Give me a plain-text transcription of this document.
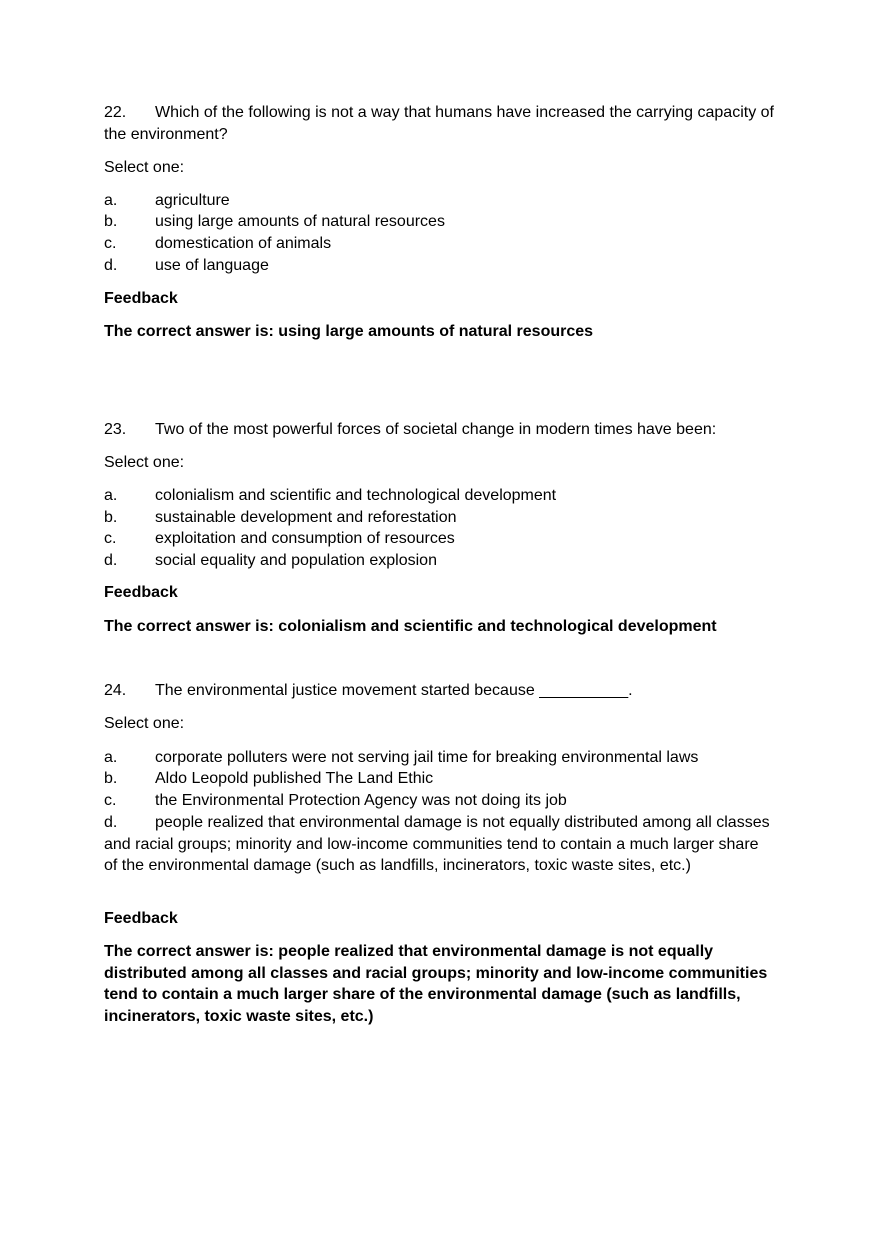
22. Which of the following is not a way that humans have increased the carrying capacity of the environment?
Select one:
a. agriculture
b. using large amounts of natural resources
c. domestication of animals
d. use of language
Feedback
The correct answer is: using large amounts of natural resources
23. Two of the most powerful forces of societal change in modern times have been:
Select one:
a. colonialism and scientific and technological development
b. sustainable development and reforestation
c. exploitation and consumption of resources
d. social equality and population explosion
Feedback
The correct answer is: colonialism and scientific and technological development
24. The environmental justice movement started because __________.
Select one:
a. corporate polluters were not serving jail time for breaking environmental laws
b. Aldo Leopold published The Land Ethic
c. the Environmental Protection Agency was not doing its job
d. people realized that environmental damage is not equally distributed among all classes and racial groups; minority and low-income communities tend to contain a much larger share of the environmental damage (such as landfills, incinerators, toxic waste sites, etc.)
Feedback
The correct answer is: people realized that environmental damage is not equally distributed among all classes and racial groups; minority and low-income communities tend to contain a much larger share of the environmental damage (such as landfills, incinerators, toxic waste sites, etc.)
